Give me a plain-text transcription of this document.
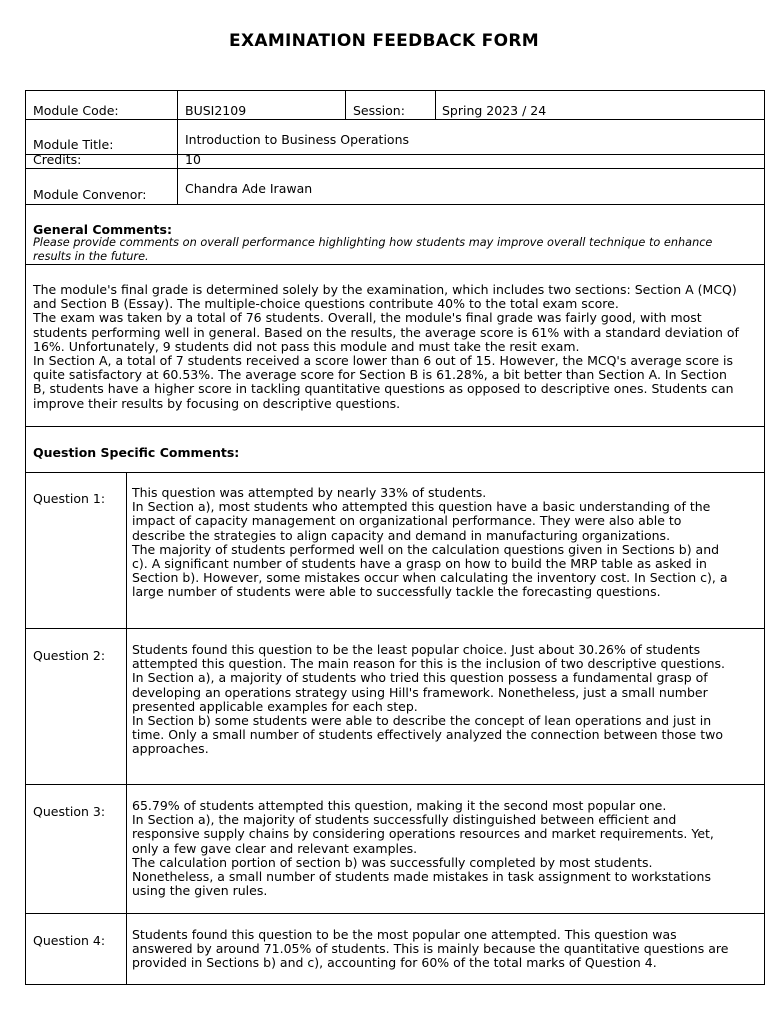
EXAMINATION FEEDBACK FORM
Module Code:	BUSI2109	Session:	Spring 2023 / 24
Module Title:	Introduction to Business Operations
Credits:	10
Module Convenor:	Chandra Ade Irawan
General Comments:
Please provide comments on overall performance highlighting how students may improve overall technique to enhance results in the future.

The module's final grade is determined solely by the examination, which includes two sections: Section A (MCQ) and Section B (Essay). The multiple-choice questions contribute 40% to the total exam score.

The exam was taken by a total of 76 students. Overall, the module's final grade was fairly good, with most students performing well in general. Based on the results, the average score is 61% with a standard deviation of 16%. Unfortunately, 9 students did not pass this module and must take the resit exam.

In Section A, a total of 7 students received a score lower than 6 out of 15. However, the MCQ's average score is quite satisfactory at 60.53%. The average score for Section B is 61.28%, a bit better than Section A. In Section B, students have a higher score in tackling quantitative questions as opposed to descriptive ones. Students can improve their results by focusing on descriptive questions.

Question Specific Comments:
Question 1: This question was attempted by nearly 33% of students.

In Section a), most students who attempted this question have a basic understanding of the impact of capacity management on organizational performance. They were also able to describe the strategies to align capacity and demand in manufacturing organizations.

The majority of students performed well on the calculation questions given in Sections b) and c). A significant number of students have a grasp on how to build the MRP table as asked in Section b). However, some mistakes occur when calculating the inventory cost. In Section c), a large number of students were able to successfully tackle the forecasting questions.

Question 2: Students found this question to be the least popular choice. Just about 30.26% of students attempted this question. The main reason for this is the inclusion of two descriptive questions.

In Section a), a majority of students who tried this question possess a fundamental grasp of developing an operations strategy using Hill's framework. Nonetheless, just a small number presented applicable examples for each step.

In Section b) some students were able to describe the concept of lean operations and just in time. Only a small number of students effectively analyzed the connection between those two approaches.

Question 3: 65.79% of students attempted this question, making it the second most popular one.

In Section a), the majority of students successfully distinguished between efficient and responsive supply chains by considering operations resources and market requirements. Yet, only a few gave clear and relevant examples.

The calculation portion of section b) was successfully completed by most students. Nonetheless, a small number of students made mistakes in task assignment to workstations using the given rules.

Question 4: Students found this question to be the most popular one attempted. This question was answered by around 71.05% of students. This is mainly because the quantitative questions are provided in Sections b) and c), accounting for 60% of the total marks of Question 4.
